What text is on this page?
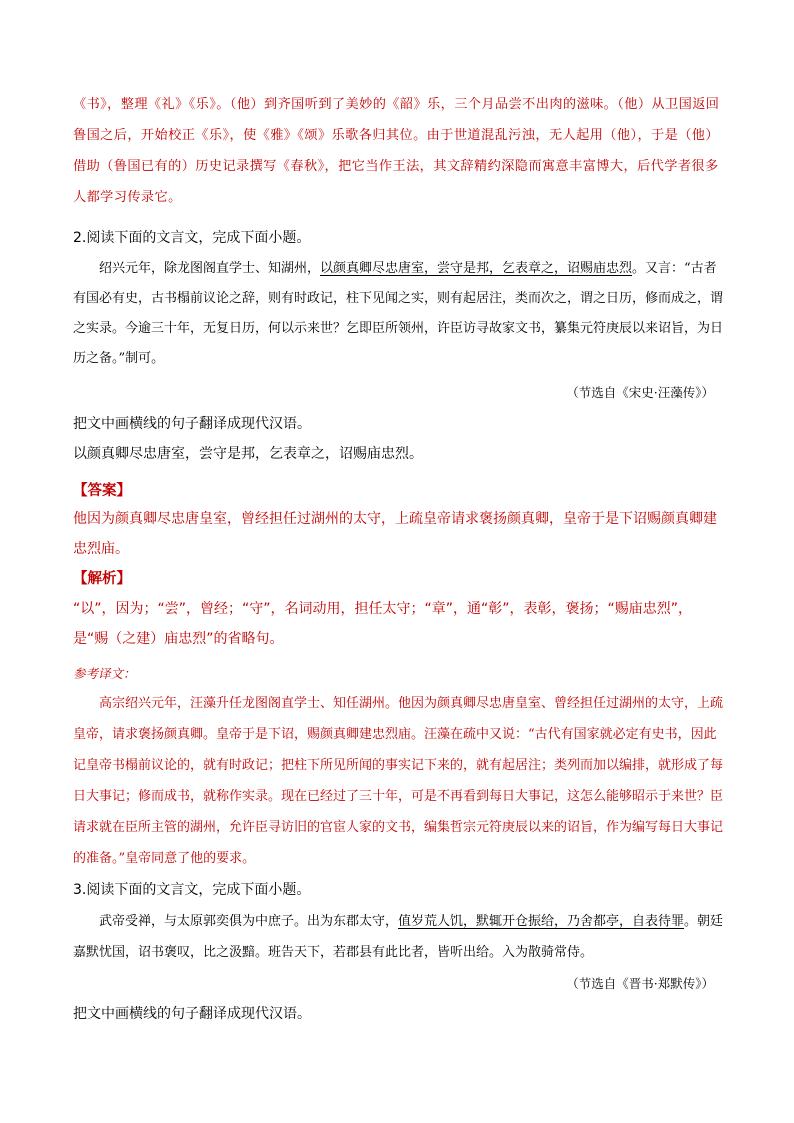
《书》，整理《礼》《乐》。（他）到齐国听到了美妙的《韶》乐，三个月品尝不出肉的滋味。（他）从卫国返回鲁国之后，开始校正《乐》，使《雅》《颂》乐歌各归其位。由于世道混乱污浊，无人起用（他），于是（他）借助（鲁国已有的）历史记录撰写《春秋》，把它当作王法，其文辞精约深隐而寓意丰富博大，后代学者很多人都学习传录它。
2.阅读下面的文言文，完成下面小题。
绍兴元年，除龙图阁直学士、知湖州，以颜真卿尽忠唐室，尝守是邦，乞表章之，诏赐庙忠烈。又言：“古者有国必有史，古书榻前议论之辞，则有时政记，柱下见闻之实，则有起居注，类而次之，谓之日历，修而成之，谓之实录。今逾三十年，无复日历，何以示来世？乞即臣所领州，许臣访寻故家文书，纂集元符庚辰以来诏旨，为日历之备。”制可。
（节选自《宋史·汪藻传》）
把文中画横线的句子翻译成现代汉语。
以颜真卿尽忠唐室，尝守是邦，乞表章之，诏赐庙忠烈。
【答案】
他因为颜真卿尽忠唐皇室，曾经担任过湖州的太守，上疏皇帝请求褒扬颜真卿，皇帝于是下诏赐颜真卿建忠烈庙。
【解析】
“以”，因为；“尝”，曾经；“守”，名词动用，担任太守；“章”，通“彰”，表彰，褒扬；“赐庙忠烈”，是“赐（之建）庙忠烈”的省略句。
参考译文：
高宗绍兴元年，汪藻升任龙图阁直学士、知任湖州。他因为颜真卿尽忠唐皇室、曾经担任过湖州的太守，上疏皇帝，请求褒扬颜真卿。皇帝于是下诏，赐颜真卿建忠烈庙。汪藻在疏中又说：“古代有国家就必定有史书，因此记皇帝书榻前议论的，就有时政记；把柱下所见所闻的事实记下来的，就有起居注；类列而加以编排，就形成了每日大事记；修而成书，就称作实录。现在已经过了三十年，可是不再看到每日大事记，这怎么能够昭示于来世？臣请求就在臣所主管的湖州，允许臣寻访旧的官宦人家的文书，编集哲宗元符庚辰以来的诏旨，作为编写每日大事记的准备。”皇帝同意了他的要求。
3.阅读下面的文言文，完成下面小题。
武帝受禅，与太原郭奕俱为中庶子。出为东郡太守，值岁荒人饥，默辄开仓振给，乃舍都亭，自表待罪。朝廷嘉默忧国，诏书褒叹，比之汲黯。班告天下，若郡县有此比者，皆听出给。入为散骑常侍。
（节选自《晋书·郑默传》）
把文中画横线的句子翻译成现代汉语。
